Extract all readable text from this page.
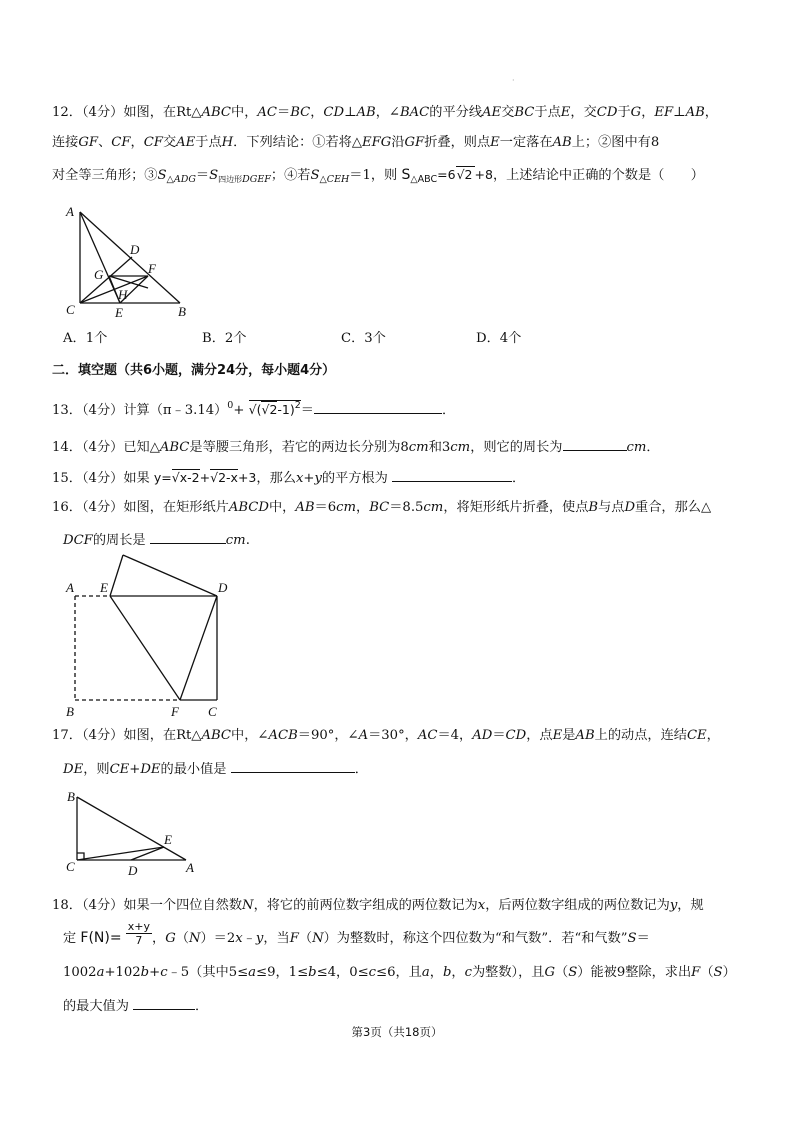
·
12．（4分）如图，在Rt△ABC中，AC＝BC，CD⊥AB，∠BAC的平分线AE交BC于点E，交CD于G，EF⊥AB，
连接GF、CF，CF交AE于点H．下列结论：①若将△EFG沿GF折叠，则点E一定落在AB上；②图中有8
对全等三角形；$③S_{\triangle ADG}=S_{四边形DGEF}$；④若$S_{\triangle CEH}=1$，则 $S_{\triangle ABC}=6√2 +8$，上述结论中正确的个数是（　　）
A
D
G	F
H
C	E	B
A．1个	B．2个	C．3个	D．4个
二．填空题（共6小题，满分24分，每小题4分）
13．（4分）计算（π﹣3.14）$^0$+ $√(√2-1)^2=$	．
14．（4分）已知△ABC是等腰三角形，若它的两边长分别为8cm和3cm，则它的周长为	cm．
15．（4分）如果 y=√x-2+√2-x+3，那么x+y的平方根为	．
16．（4分）如图，在矩形纸片ABCD中，AB＝6cm，BC＝8.5cm，将矩形纸片折叠，使点B与点D重合，那么△
DCF的周长是	cm.
A E	D
B	F C
17．（4分）如图，在Rt△ABC中，∠ACB＝90°，∠A＝30°，AC＝4，AD＝CD，点E是AB上的动点，连结CE，
DE，则CE+DE的最小值是	．
B
E
C	D	A
18．（4分）如果一个四位自然数N，将它的前两位数字组成的两位数记为x，后两位数字组成的两位数记为y，规
定 $F(N)= \frac{x+y}{7}$ ，G（N）＝2x﹣y，当F（N）为整数时，称这个四位数为“和气数”．若“和气数”S＝
1002a+102b+c﹣5（其中5≤a≤9，1≤b≤4，0≤c≤6，且a，b，c为整数），且G（S）能被9整除，求出F（S）
的最大值为	．
第3页（共18页）
